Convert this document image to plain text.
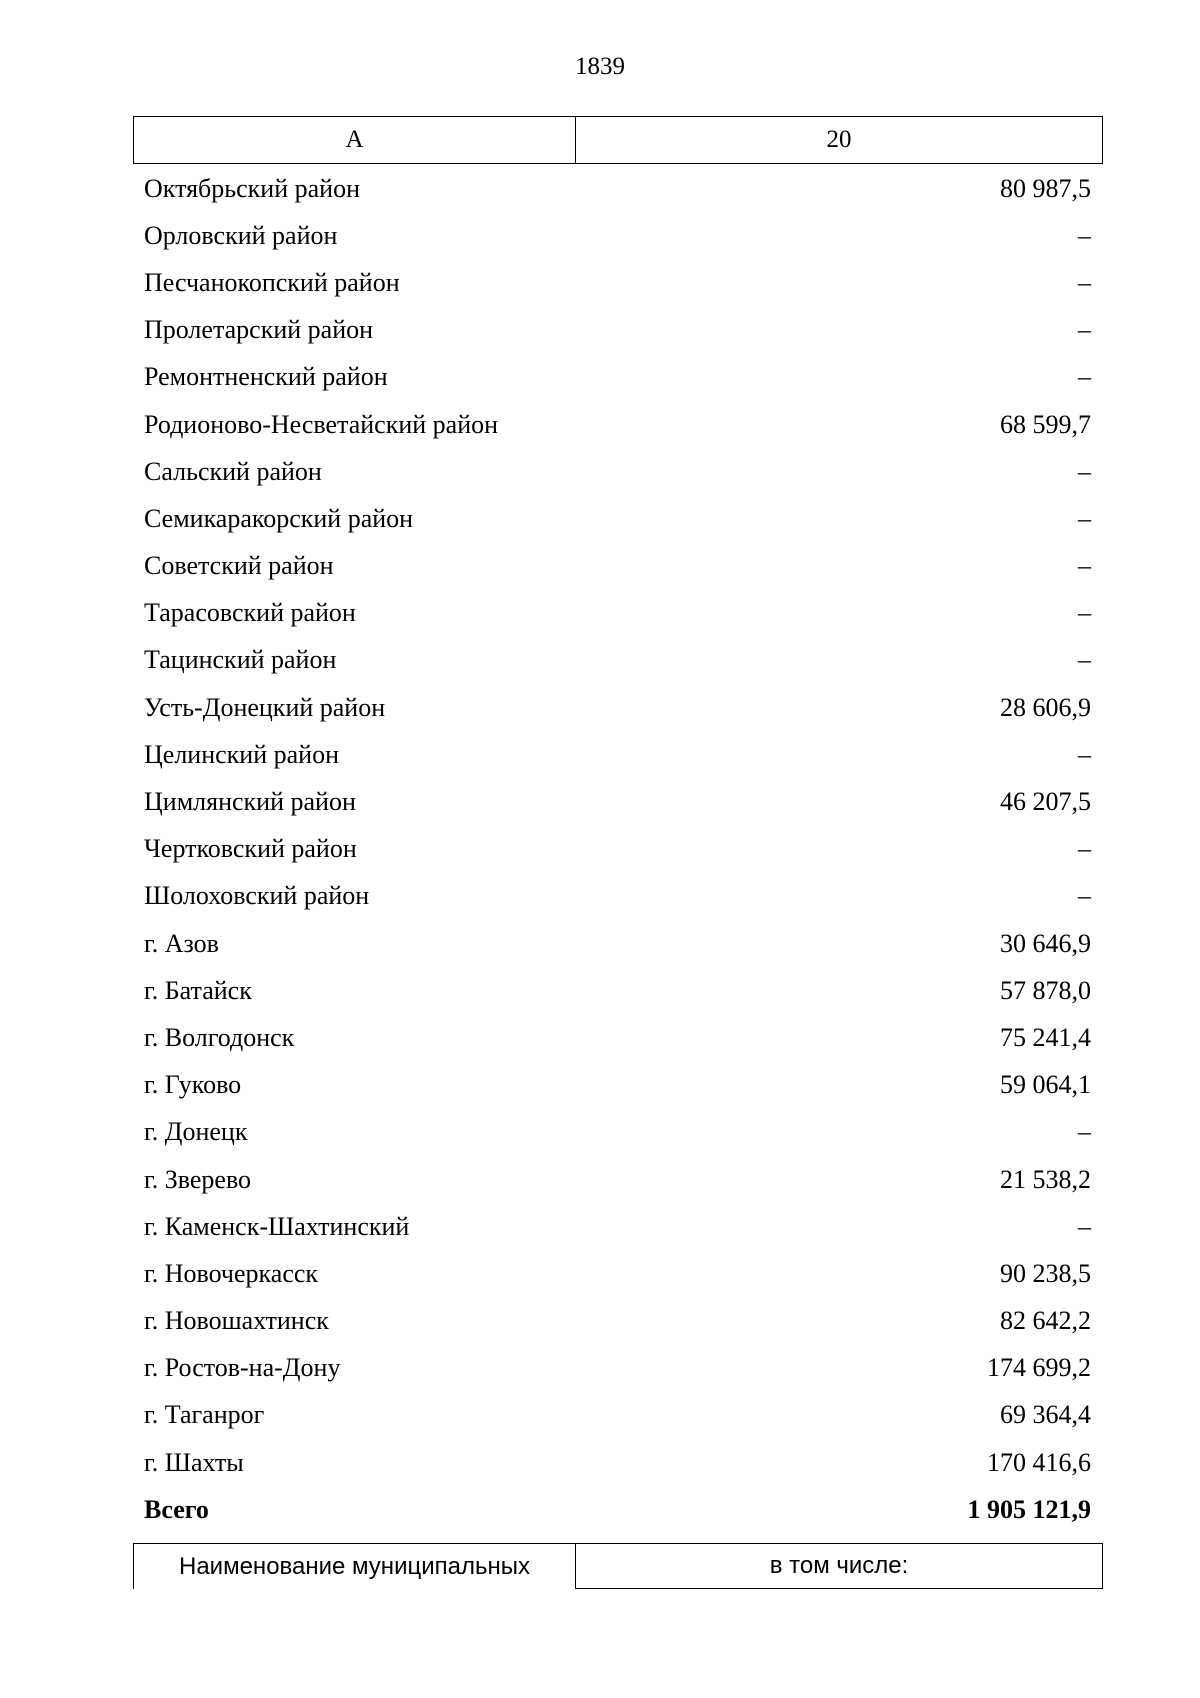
1839
А	20
Октябрьский район	80 987,5
Орловский район	–
Песчанокопский район	–
Пролетарский район	–
Ремонтненский район	–
Родионово-Несветайский район	68 599,7
Сальский район	–
Семикаракорский район	–
Советский район	–
Тарасовский район	–
Тацинский район	–
Усть-Донецкий район	28 606,9
Целинский район	–
Цимлянский район	46 207,5
Чертковский район	–
Шолоховский район	–
г. Азов	30 646,9
г. Батайск	57 878,0
г. Волгодонск	75 241,4
г. Гуково	59 064,1
г. Донецк	–
г. Зверево	21 538,2
г. Каменск-Шахтинский	–
г. Новочеркасск	90 238,5
г. Новошахтинск	82 642,2
г. Ростов-на-Дону	174 699,2
г. Таганрог	69 364,4
г. Шахты	170 416,6
Всего	1 905 121,9
Наименование муниципальных	в том числе:
